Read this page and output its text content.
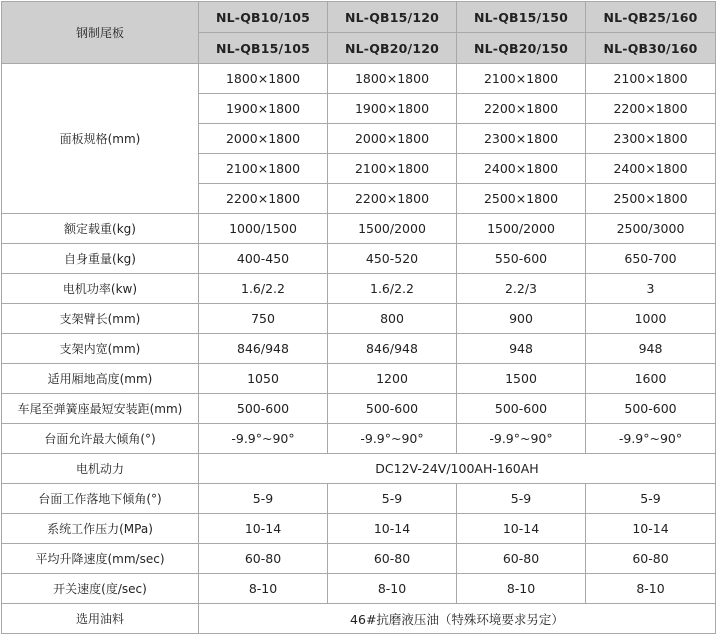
钢制尾板	NL-QB10/105	NL-QB15/120	NL-QB15/150	NL-QB25/160
	NL-QB15/105	NL-QB20/120	NL-QB20/150	NL-QB30/160
面板规格(mm)	1800×1800	1800×1800	2100×1800	2100×1800
	1900×1800	1900×1800	2200×1800	2200×1800
	2000×1800	2000×1800	2300×1800	2300×1800
	2100×1800	2100×1800	2400×1800	2400×1800
	2200×1800	2200×1800	2500×1800	2500×1800
额定载重(kg)	1000/1500	1500/2000	1500/2000	2500/3000
自身重量(kg)	400-450	450-520	550-600	650-700
电机功率(kw)	1.6/2.2	1.6/2.2	2.2/3	3
支架臂长(mm)	750	800	900	1000
支架内宽(mm)	846/948	846/948	948	948
适用厢地高度(mm)	1050	1200	1500	1600
车尾至弹簧座最短安装距(mm)	500-600	500-600	500-600	500-600
台面允许最大倾角(°)	-9.9°~90°	-9.9°~90°	-9.9°~90°	-9.9°~90°
电机动力	DC12V-24V/100AH-160AH			
台面工作落地下倾角(°)	5-9	5-9	5-9	5-9
系统工作压力(MPa)	10-14	10-14	10-14	10-14
平均升降速度(mm/sec)	60-80	60-80	60-80	60-80
开关速度(度/sec)	8-10	8-10	8-10	8-10
选用油料	46#抗磨液压油（特殊环境要求另定）			
